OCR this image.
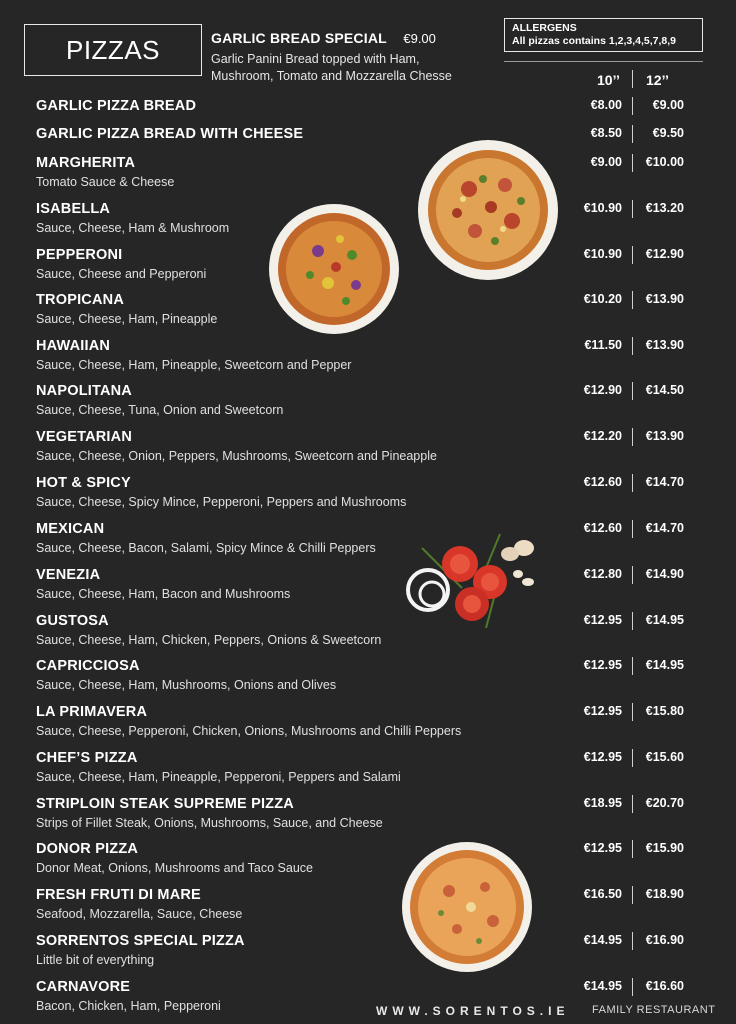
PIZZAS	GARLIC BREAD SPECIAL €9.00
Garlic Panini Bread topped with Ham,
Mushroom, Tomato and Mozzarella Chesse
ALLERGENS
All pizzas contains 1,2,3,4,5,7,8,9
10’’ 12’’
GARLIC PIZZA BREAD	€8.00	€9.00
GARLIC PIZZA BREAD WITH CHEESE	€8.50	€9.50
MARGHERITA
Tomato Sauce & Cheese
€9.00	€10.00
ISABELLA
Sauce, Cheese, Ham & Mushroom
€10.90	€13.20
PEPPERONI
Sauce, Cheese and Pepperoni
€10.90	€12.90
TROPICANA
Sauce, Cheese, Ham, Pineapple
€10.20	€13.90
HAWAIIAN
Sauce, Cheese, Ham, Pineapple, Sweetcorn and Pepper
€11.50	€13.90
NAPOLITANA
Sauce, Cheese, Tuna, Onion and Sweetcorn
€12.90	€14.50
VEGETARIAN
Sauce, Cheese, Onion, Peppers, Mushrooms, Sweetcorn and Pineapple
€12.20	€13.90
HOT & SPICY
Sauce, Cheese, Spicy Mince, Pepperoni, Peppers and Mushrooms
€12.60	€14.70
MEXICAN
Sauce, Cheese, Bacon, Salami, Spicy Mince & Chilli Peppers
€12.60	€14.70
VENEZIA
Sauce, Cheese, Ham, Bacon and Mushrooms
€12.80	€14.90
GUSTOSA
Sauce, Cheese, Ham, Chicken, Peppers, Onions & Sweetcorn
€12.95	€14.95
CAPRICCIOSA
Sauce, Cheese, Ham, Mushrooms, Onions and Olives
€12.95	€14.95
LA PRIMAVERA
Sauce, Cheese, Pepperoni, Chicken, Onions, Mushrooms and Chilli Peppers
€12.95	€15.80
CHEF’S PIZZA
Sauce, Cheese, Ham, Pineapple, Pepperoni, Peppers and Salami
€12.95	€15.60
STRIPLOIN STEAK SUPREME PIZZA
Strips of Fillet Steak, Onions, Mushrooms, Sauce, and Cheese
€18.95	€20.70
DONOR PIZZA
Donor Meat, Onions, Mushrooms and Taco Sauce
€12.95	€15.90
FRESH FRUTI DI MARE
Seafood, Mozzarella, Sauce, Cheese
€16.50	€18.90
SORRENTOS SPECIAL PIZZA
Little bit of everything
€14.95	€16.90
CARNAVORE
Bacon, Chicken, Ham, Pepperoni
€14.95	€16.60
WWW.SORENTOS.IE FAMILY RESTAURANT
